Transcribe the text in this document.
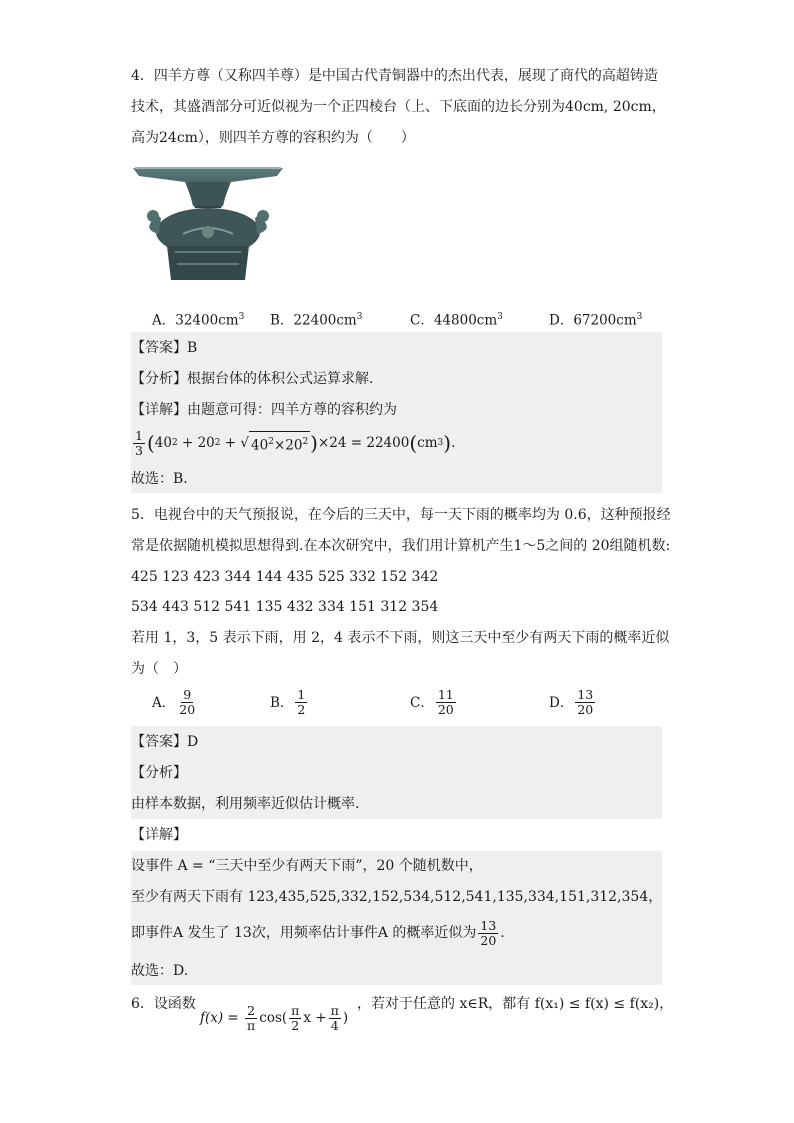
4．四羊方尊（又称四羊尊）是中国古代青铜器中的杰出代表，展现了商代的高超铸造
技术，其盛酒部分可近似视为一个正四棱台（上、下底面的边长分别为40cm, 20cm，
高为24cm），则四羊方尊的容积约为（　　）
A．$32400cm^3$ B．$22400cm^3$	C．$44800cm^3$	D．$67200cm^3$
【答案】B
【分析】根据台体的体积公式运算求解.
【详解】由题意可得：四羊方尊的容积约为
$\frac{1}{3}$ ( 40 2 + 20 2 + √ $40^2\times 20^2$ ) ×24 = 22400 ( cm 3 ) .
故选：B.
5．电视台中的天气预报说，在今后的三天中，每一天下雨的概率均为 0.6，这种预报经
常是依据随机模拟思想得到.在本次研究中，我们用计算机产生1～5之间的 20组随机数:
425 123 423 344 144 435 525 332 152 342
534 443 512 541 135 432 334 151 312 354
若用 1，3，5 表示下雨，用 2，4 表示不下雨，则这三天中至少有两天下雨的概率近似
为（　）
A． $\frac{9}{20}$	B． $\frac{1}{2}$	C． $\frac{11}{20}$	D． $\frac{13}{20}$
【答案】D
【分析】
由样本数据，利用频率近似估计概率.
【详解】
设事件 A = “三天中至少有两天下雨”，20 个随机数中，
至少有两天下雨有 123,435,525,332,152,534,512,541,135,334,151,312,354，
即事件A 发生了 13次，用频率估计事件A 的概率近似为 $\frac{13}{20}$ .
故选：D.
6．设函数
f(x) =
$\frac{2}{\pi} \cos( \frac{\pi}{2}$ $x + \frac{\pi}{4}$ )
，若对于任意的 x∈R，都有 f(x₁) ≤ f(x) ≤ f(x₂)，
